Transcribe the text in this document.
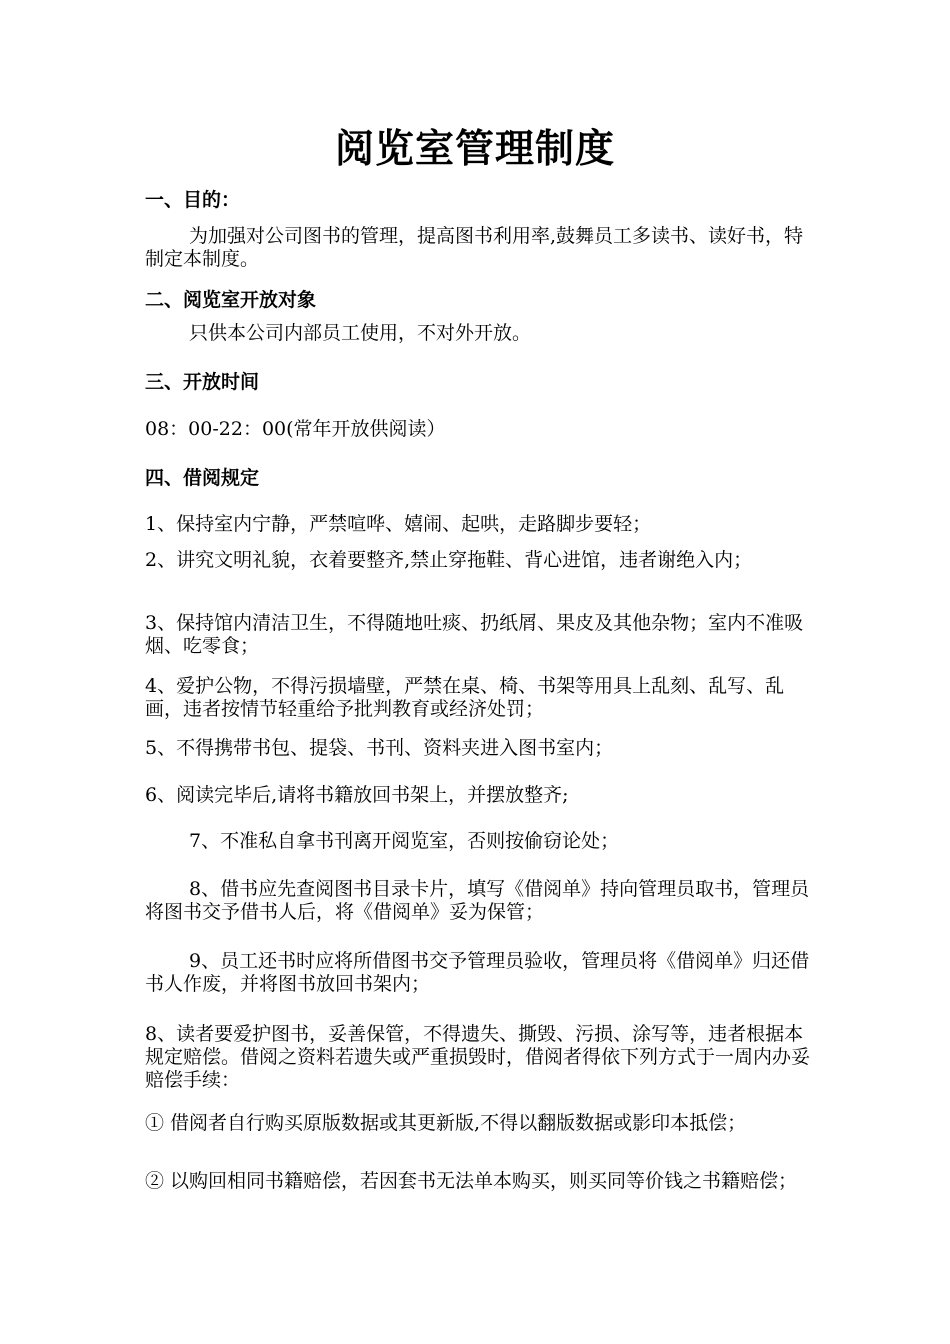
阅览室管理制度
一、目的：
为加强对公司图书的管理，提高图书利用率,鼓舞员工多读书、读好书，特制定本制度。
二、阅览室开放对象
只供本公司内部员工使用，不对外开放。
三、开放时间
08：00-22：00(常年开放供阅读）
四、借阅规定
1、保持室内宁静，严禁喧哗、嬉闹、起哄，走路脚步要轻；
2、讲究文明礼貌，衣着要整齐,禁止穿拖鞋、背心进馆，违者谢绝入内；
3、保持馆内清洁卫生，不得随地吐痰、扔纸屑、果皮及其他杂物；室内不准吸烟、吃零食；
4、爱护公物，不得污损墙壁，严禁在桌、椅、书架等用具上乱刻、乱写、乱画，违者按情节轻重给予批判教育或经济处罚；
5、不得携带书包、提袋、书刊、资料夹进入图书室内；
6、阅读完毕后,请将书籍放回书架上，并摆放整齐;
7、不准私自拿书刊离开阅览室，否则按偷窃论处；
8、借书应先查阅图书目录卡片，填写《借阅单》持向管理员取书，管理员将图书交予借书人后，将《借阅单》妥为保管；
9、员工还书时应将所借图书交予管理员验收，管理员将《借阅单》归还借书人作废，并将图书放回书架内；
8、读者要爱护图书，妥善保管，不得遗失、撕毁、污损、涂写等，违者根据本规定赔偿。借阅之资料若遗失或严重损毁时，借阅者得依下列方式于一周内办妥赔偿手续：
① 借阅者自行购买原版数据或其更新版,不得以翻版数据或影印本抵偿；
② 以购回相同书籍赔偿，若因套书无法单本购买，则买同等价钱之书籍赔偿；
